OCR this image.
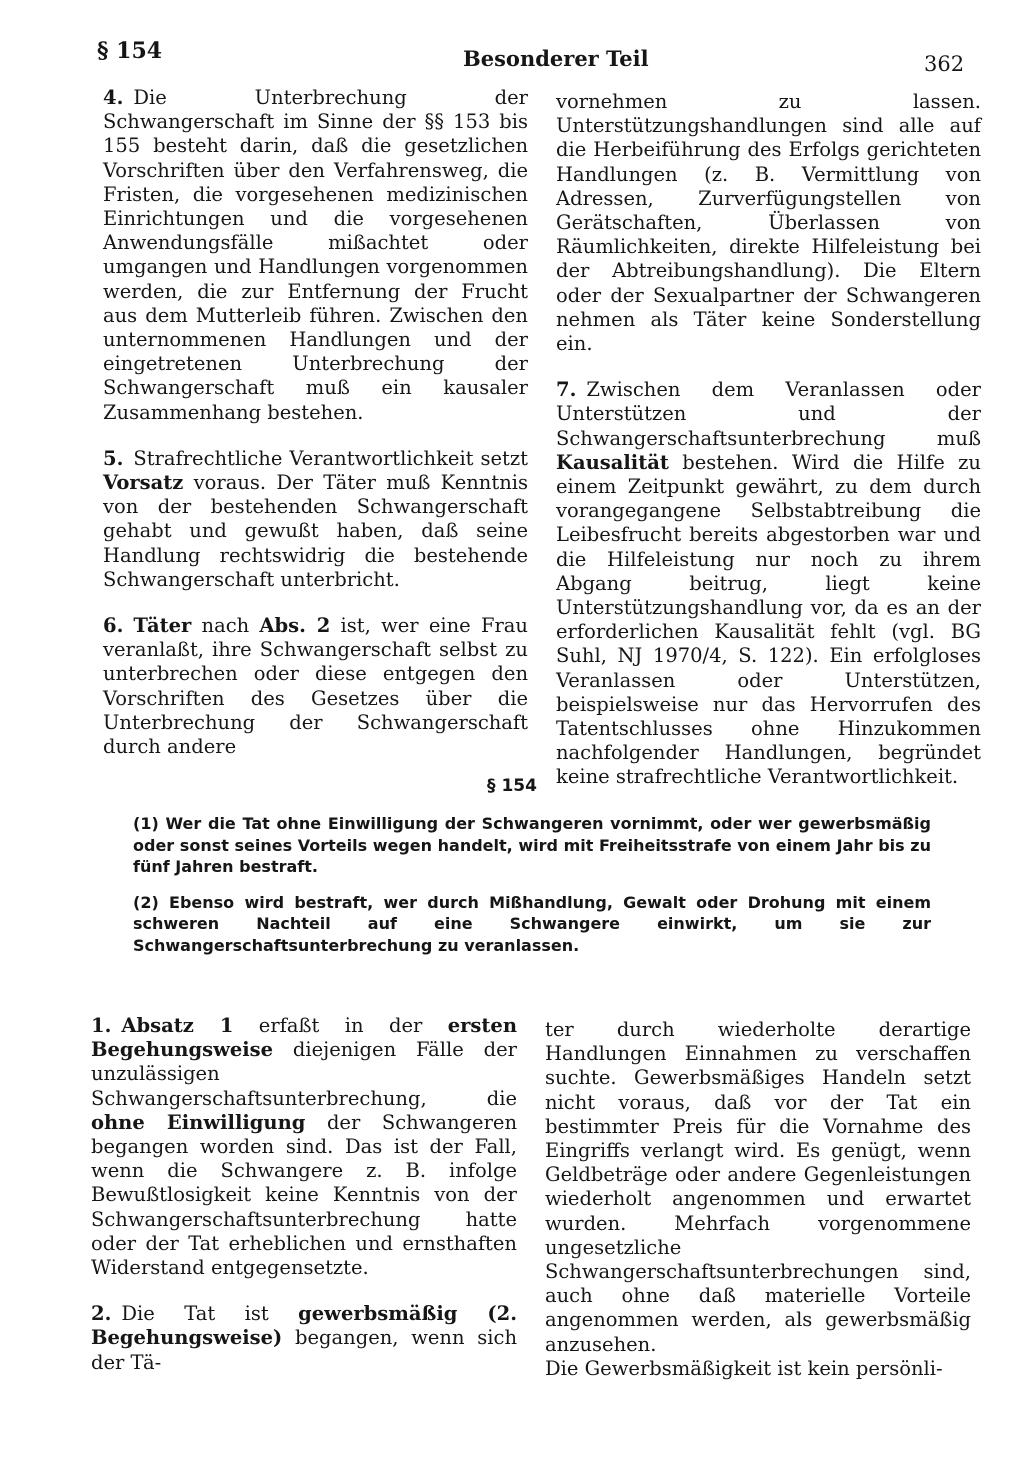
§ 154	Besonderer Teil	362

4. Die Unterbrechung der Schwangerschaft im Sinne der §§ 153 bis 155 besteht darin, daß die gesetzlichen Vorschriften über den Verfahrensweg, die Fristen, die vorgesehenen medizinischen Einrichtungen und die vorgesehenen Anwendungsfälle mißachtet oder umgangen und Handlungen vorgenommen werden, die zur Entfernung der Frucht aus dem Mutterleib führen. Zwischen den unternommenen Handlungen und der eingetretenen Unterbrechung der Schwangerschaft muß ein kausaler Zusammenhang bestehen.

5. Strafrechtliche Verantwortlichkeit setzt Vorsatz voraus. Der Täter muß Kenntnis von der bestehenden Schwangerschaft gehabt und gewußt haben, daß seine Handlung rechtswidrig die bestehende Schwangerschaft unterbricht.

6. Täter nach Abs. 2 ist, wer eine Frau veranlaßt, ihre Schwangerschaft selbst zu unterbrechen oder diese entgegen den Vorschriften des Gesetzes über die Unterbrechung der Schwangerschaft durch andere

vornehmen zu lassen. Unterstützungshandlungen sind alle auf die Herbeiführung des Erfolgs gerichteten Handlungen (z. B. Vermittlung von Adressen, Zurverfügungstellen von Gerätschaften, Überlassen von Räumlichkeiten, direkte Hilfeleistung bei der Abtreibungshandlung). Die Eltern oder der Sexualpartner der Schwangeren nehmen als Täter keine Sonderstellung ein.

7. Zwischen dem Veranlassen oder Unterstützen und der Schwangerschaftsunterbrechung muß Kausalität bestehen. Wird die Hilfe zu einem Zeitpunkt gewährt, zu dem durch vorangegangene Selbstabtreibung die Leibesfrucht bereits abgestorben war und die Hilfeleistung nur noch zu ihrem Abgang beitrug, liegt keine Unterstützungshandlung vor, da es an der erforderlichen Kausalität fehlt (vgl. BG Suhl, NJ 1970/4, S. 122). Ein erfolgloses Veranlassen oder Unterstützen, beispielsweise nur das Hervorrufen des Tatentschlusses ohne Hinzukommen nachfolgender Handlungen, begründet keine strafrechtliche Verantwortlichkeit.

§ 154

(1) Wer die Tat ohne Einwilligung der Schwangeren vornimmt, oder wer gewerbsmäßig oder sonst seines Vorteils wegen handelt, wird mit Freiheitsstrafe von einem Jahr bis zu fünf Jahren bestraft.

(2) Ebenso wird bestraft, wer durch Mißhandlung, Gewalt oder Drohung mit einem schweren Nachteil auf eine Schwangere einwirkt, um sie zur Schwangerschaftsunterbrechung zu veranlassen.

1. Absatz 1 erfaßt in der ersten Begehungsweise diejenigen Fälle der unzulässigen Schwangerschaftsunterbrechung, die ohne Einwilligung der Schwangeren begangen worden sind. Das ist der Fall, wenn die Schwangere z. B. infolge Bewußtlosigkeit keine Kenntnis von der Schwangerschaftsunterbrechung hatte oder der Tat erheblichen und ernsthaften Widerstand entgegensetzte.

2. Die Tat ist gewerbsmäßig (2. Begehungsweise) begangen, wenn sich der Tä-

ter durch wiederholte derartige Handlungen Einnahmen zu verschaffen suchte. Gewerbsmäßiges Handeln setzt nicht voraus, daß vor der Tat ein bestimmter Preis für die Vornahme des Eingriffs verlangt wird. Es genügt, wenn Geldbeträge oder andere Gegenleistungen wiederholt angenommen und erwartet wurden. Mehrfach vorgenommene ungesetzliche Schwangerschaftsunterbrechungen sind, auch ohne daß materielle Vorteile angenommen werden, als gewerbsmäßig anzusehen.

Die Gewerbsmäßigkeit ist kein persönli-
